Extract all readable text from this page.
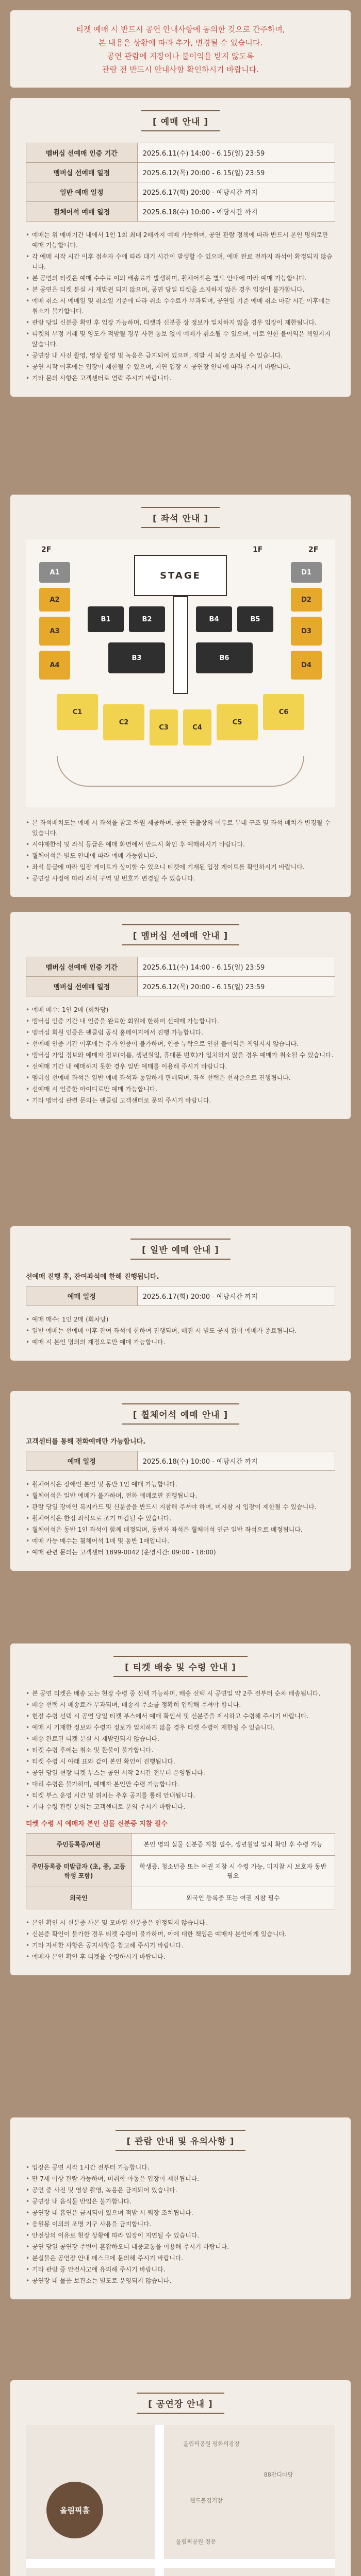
티켓 예매 시 반드시 공연 안내사항에 동의한 것으로 간주하며,

본 내용은 상황에 따라 추가, 변경될 수 있습니다.

공연 관람에 지장이나 불이익을 받지 않도록

관람 전 반드시 안내사항 확인하시기 바랍니다.

[ 예매 안내 ]
멤버십 선예매 인증 기간	2025.6.11(수) 14:00 - 6.15(일) 23:59
멤버십 선예매 일정	2025.6.12(목) 20:00 - 6.15(일) 23:59
일반 예매 일정	2025.6.17(화) 20:00 - 예당시간 까지
휠체어석 예매 일정	2025.6.18(수) 10:00 - 예당시간 까지
• 예매는 위 예매기간 내에서 1인 1회 최대 2매까지 예매 가능하며, 공연 관람 정책에 따라 반드시 본인 명의로만 예매 가능합니다.
• 각 예매 시작 시간 이후 접속자 수에 따라 대기 시간이 발생할 수 있으며, 예매 완료 전까지 좌석이 확정되지 않습니다.
• 본 공연의 티켓은 예매 수수료 이외 배송료가 발생하며, 휠체어석은 별도 안내에 따라 예매 가능합니다.
• 본 공연은 티켓 분실 시 재발권 되지 않으며, 공연 당일 티켓을 소지하지 않은 경우 입장이 불가합니다.
• 예매 취소 시 예매일 및 취소일 기준에 따라 취소 수수료가 부과되며, 공연일 기준 예매 취소 마감 시간 이후에는 취소가 불가합니다.
• 관람 당일 신분증 확인 후 입장 가능하며, 티켓과 신분증 상 정보가 일치하지 않을 경우 입장이 제한됩니다.
• 티켓의 부정 거래 및 양도가 적발될 경우 사전 통보 없이 예매가 취소될 수 있으며, 이로 인한 불이익은 책임지지 않습니다.
• 공연장 내 사진 촬영, 영상 촬영 및 녹음은 금지되어 있으며, 적발 시 퇴장 조치될 수 있습니다.
• 공연 시작 이후에는 입장이 제한될 수 있으며, 지연 입장 시 공연장 안내에 따라 주시기 바랍니다.
• 기타 문의 사항은 고객센터로 연락 주시기 바랍니다.
[ 좌석 안내 ]
2F	1F	2F
STAGE
A1
A2
A3
A4
D1
D2
D3
D4
B1	B2
B3
B4	B5
B6
C1
C2
C3	C4
C5
C6
• 본 좌석배치도는 예매 시 좌석을 참고 차원 제공하며, 공연 연출상의 이유로 무대 구조 및 좌석 배치가 변경될 수 있습니다.
• 시야제한석 및 좌석 등급은 예매 화면에서 반드시 확인 후 예매하시기 바랍니다.
• 휠체어석은 별도 안내에 따라 예매 가능합니다.
• 좌석 등급에 따라 입장 게이트가 상이할 수 있으니 티켓에 기재된 입장 게이트를 확인하시기 바랍니다.
• 공연장 사정에 따라 좌석 구역 및 번호가 변경될 수 있습니다.
[ 멤버십 선예매 안내 ]
멤버십 선예매 인증 기간	2025.6.11(수) 14:00 - 6.15(일) 23:59
멤버십 선예매 일정	2025.6.12(목) 20:00 - 6.15(일) 23:59
• 예매 매수: 1인 2매 (회차당)
• 멤버십 인증 기간 내 인증을 완료한 회원에 한하여 선예매 가능합니다.
• 멤버십 회원 인증은 팬클럽 공식 홈페이지에서 진행 가능합니다.
• 선예매 인증 기간 이후에는 추가 인증이 불가하며, 인증 누락으로 인한 불이익은 책임지지 않습니다.
• 멤버십 가입 정보와 예매자 정보(이름, 생년월일, 휴대폰 번호)가 일치하지 않을 경우 예매가 취소될 수 있습니다.
• 선예매 기간 내 예매하지 못한 경우 일반 예매를 이용해 주시기 바랍니다.
• 멤버십 선예매 좌석은 일반 예매 좌석과 동일하게 판매되며, 좌석 선택은 선착순으로 진행됩니다.
• 선예매 시 인증한 아이디로만 예매 가능합니다.
• 기타 멤버십 관련 문의는 팬클럽 고객센터로 문의 주시기 바랍니다.
[ 일반 예매 안내 ]
선예매 진행 후, 잔여좌석에 한해 진행됩니다.
예매 일정	2025.6.17(화) 20:00 - 예당시간 까지
• 예매 매수: 1인 2매 (회차당)
• 일반 예매는 선예매 이후 잔여 좌석에 한하여 진행되며, 매진 시 별도 공지 없이 예매가 종료됩니다.
• 예매 시 본인 명의의 계정으로만 예매 가능합니다.
[ 휠체어석 예매 안내 ]
고객센터를 통해 전화예매만 가능합니다.
예매 일정	2025.6.18(수) 10:00 - 예당시간 까지
• 휠체어석은 장애인 본인 및 동반 1인 예매 가능합니다.
• 휠체어석은 일반 예매가 불가하며, 전화 예매로만 진행됩니다.
• 관람 당일 장애인 복지카드 및 신분증을 반드시 지참해 주셔야 하며, 미지참 시 입장이 제한될 수 있습니다.
• 휠체어석은 한정 좌석으로 조기 마감될 수 있습니다.
• 휠체어석은 동반 1인 좌석이 함께 배정되며, 동반자 좌석은 휠체어석 인근 일반 좌석으로 배정됩니다.
• 예매 가능 매수는 휠체어석 1매 및 동반 1매입니다.
• 예매 관련 문의는 고객센터 1899-0042 (운영시간: 09:00 - 18:00)
[ 티켓 배송 및 수령 안내 ]
• 본 공연 티켓은 배송 또는 현장 수령 중 선택 가능하며, 배송 선택 시 공연일 약 2주 전부터 순차 배송됩니다.
• 배송 선택 시 배송료가 부과되며, 배송지 주소를 정확히 입력해 주셔야 합니다.
• 현장 수령 선택 시 공연 당일 티켓 부스에서 예매 확인서 및 신분증을 제시하고 수령해 주시기 바랍니다.
• 예매 시 기재한 정보와 수령자 정보가 일치하지 않을 경우 티켓 수령이 제한될 수 있습니다.
• 배송 완료된 티켓 분실 시 재발권되지 않습니다.
• 티켓 수령 후에는 취소 및 환불이 불가합니다.
• 티켓 수령 시 아래 표와 같이 본인 확인이 진행됩니다.
• 공연 당일 현장 티켓 부스는 공연 시작 2시간 전부터 운영됩니다.
• 대리 수령은 불가하며, 예매자 본인만 수령 가능합니다.
• 티켓 부스 운영 시간 및 위치는 추후 공지를 통해 안내됩니다.
• 기타 수령 관련 문의는 고객센터로 문의 주시기 바랍니다.
티켓 수령 시 예매자 본인 실물 신분증 지참 필수
주민등록증/여권	본인 명의 실물 신분증 지참 필수, 생년월일 일치 확인 후 수령 가능
주민등록증 미발급자 (초, 중, 고등학생 포함)	학생증, 청소년증 또는 여권 지참 시 수령 가능, 미지참 시 보호자 동반 필요
외국인	외국인 등록증 또는 여권 지참 필수
• 본인 확인 시 신분증 사본 및 모바일 신분증은 인정되지 않습니다.
• 신분증 확인이 불가한 경우 티켓 수령이 불가하며, 이에 대한 책임은 예매자 본인에게 있습니다.
• 기타 자세한 사항은 공지사항을 참고해 주시기 바랍니다.
• 예매자 본인 확인 후 티켓을 수령하시기 바랍니다.
[ 관람 안내 및 유의사항 ]
• 입장은 공연 시작 1시간 전부터 가능합니다.
• 만 7세 이상 관람 가능하며, 미취학 아동은 입장이 제한됩니다.
• 공연 중 사진 및 영상 촬영, 녹음은 금지되어 있습니다.
• 공연장 내 음식물 반입은 불가합니다.
• 공연장 내 흡연은 금지되어 있으며 적발 시 퇴장 조치됩니다.
• 응원봉 이외의 조명 기구 사용을 금지합니다.
• 안전상의 이유로 현장 상황에 따라 입장이 지연될 수 있습니다.
• 공연 당일 공연장 주변이 혼잡하오니 대중교통을 이용해 주시기 바랍니다.
• 분실물은 공연장 안내 데스크에 문의해 주시기 바랍니다.
• 기타 관람 중 안전사고에 유의해 주시기 바랍니다.
• 공연장 내 물품 보관소는 별도로 운영되지 않습니다.
[ 공연장 안내 ]
올림픽홀
올림픽공원 평화의광장
핸드볼경기장
88잔디마당
올림픽공원 정문
